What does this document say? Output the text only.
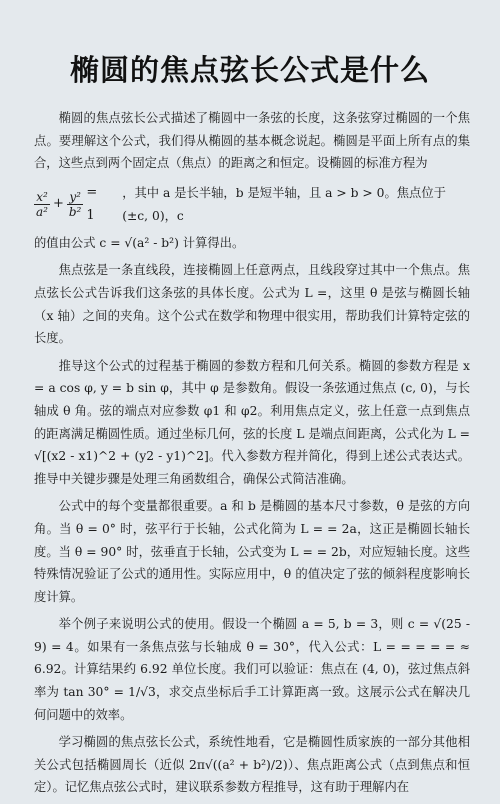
椭圆的焦点弦长公式是什么

椭圆的焦点弦长公式描述了椭圆中一条弦的长度，这条弦穿过椭圆的一个焦点。要理解这个公式，我们得从椭圆的基本概念说起。椭圆是平面上所有点的集合，这些点到两个固定点（焦点）的距离之和恒定。设椭圆的标准方程为

$\frac{\text{x²}}{\text{a²}} + \frac{\text{y²}}{\text{b²}} = 1$
，其中 a 是长半轴，b 是短半轴，且 a > b > 0。焦点位于 (±c, 0)，c

的值由公式 c = √(a² - b²) 计算得出。

焦点弦是一条直线段，连接椭圆上任意两点，且线段穿过其中一个焦点。焦点弦长公式告诉我们这条弦的具体长度。公式为 L =，这里 θ 是弦与椭圆长轴（x 轴）之间的夹角。这个公式在数学和物理中很实用，帮助我们计算特定弦的长度。

推导这个公式的过程基于椭圆的参数方程和几何关系。椭圆的参数方程是 x = a cos φ, y = b sin φ，其中 φ 是参数角。假设一条弦通过焦点 (c, 0)，与长轴成 θ 角。弦的端点对应参数 φ1 和 φ2。利用焦点定义，弦上任意一点到焦点的距离满足椭圆性质。通过坐标几何，弦的长度 L 是端点间距离，公式化为 L = √[(x2 - x1)^2 + (y2 - y1)^2]。代入参数方程并简化，得到上述公式表达式。推导中关键步骤是处理三角函数组合，确保公式简洁准确。

公式中的每个变量都很重要。a 和 b 是椭圆的基本尺寸参数，θ 是弦的方向角。当 θ = 0° 时，弦平行于长轴，公式化简为 L = = 2a，这正是椭圆长轴长度。当 θ = 90° 时，弦垂直于长轴，公式变为 L = = 2b，对应短轴长度。这些特殊情况验证了公式的通用性。实际应用中，θ 的值决定了弦的倾斜程度影响长度计算。

举个例子来说明公式的使用。假设一个椭圆 a = 5, b = 3，则 c = √(25 - 9) = 4。如果有一条焦点弦与长轴成 θ = 30°，代入公式：L = = = = = ≈ 6.92。计算结果约 6.92 单位长度。我们可以验证：焦点在 (4, 0)，弦过焦点斜率为 tan 30° = 1/√3，求交点坐标后手工计算距离一致。这展示公式在解决几何问题中的效率。

学习椭圆的焦点弦长公式，系统性地看，它是椭圆性质家族的一部分其他相关公式包括椭圆周长（近似 2π√((a² + b²)/2)）、焦点距离公式（点到焦点和恒定）。记忆焦点弦公式时，建议联系参数方程推导，这有助于理解内在
